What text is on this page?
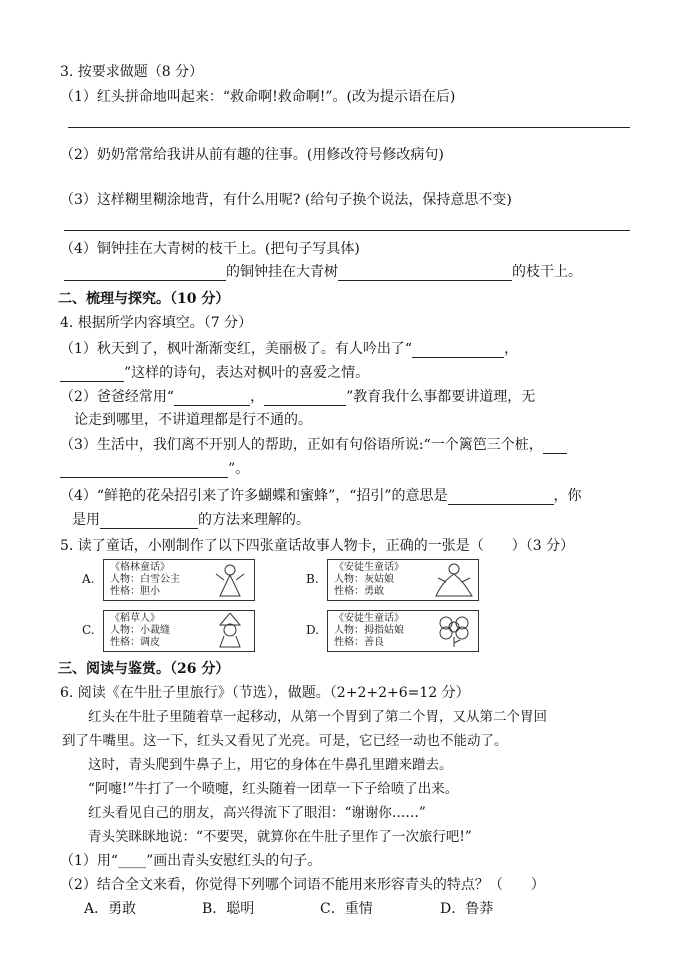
3. 按要求做题（8 分）
（1）红头拼命地叫起来：“救命啊!救命啊!”。(改为提示语在后)
（2）奶奶常常给我讲从前有趣的往事。(用修改符号修改病句)
（3）这样糊里糊涂地背，有什么用呢? (给句子换个说法，保持意思不变)
（4）铜钟挂在大青树的枝干上。(把句子写具体)
的铜钟挂在大青树	的枝干上。
二、梳理与探究。（10 分）
4. 根据所学内容填空。（7 分）
（1）秋天到了，枫叶渐渐变红，美丽极了。有人吟出了“	，
”这样的诗句，表达对枫叶的喜爱之情。
（2）爸爸经常用“	，	”教育我什么事都要讲道理，无
论走到哪里，不讲道理都是行不通的。
（3）生活中，我们离不开别人的帮助，正如有句俗语所说:“一个篱笆三个桩，
”。
（4）“鲜艳的花朵招引来了许多蝴蝶和蜜蜂”，“招引”的意思是	，你
是用	的方法来理解的。
5. 读了童话，小刚制作了以下四张童话故事人物卡，正确的一张是（　　）（3 分）
A.
《格林童话》
人物：白雪公主
性格：胆小
B.
《安徒生童话》
人物：灰姑娘
性格：勇敢
C.
《稻草人》
人物：小裁缝
性格：调皮
D.
《安徒生童话》
人物：拇指姑娘
性格：善良
三、阅读与鉴赏。（26 分）
6. 阅读《在牛肚子里旅行》（节选），做题。（2+2+2+6=12 分）
红头在牛肚子里随着草一起移动，从第一个胃到了第二个胃，又从第二个胃回
到了牛嘴里。这一下，红头又看见了光亮。可是，它已经一动也不能动了。
这时，青头爬到牛鼻子上，用它的身体在牛鼻孔里蹭来蹭去。
“阿嚏!”牛打了一个喷嚏，红头随着一团草一下子给喷了出来。
红头看见自己的朋友，高兴得流下了眼泪：“谢谢你……”
青头笑眯眯地说：“不要哭，就算你在牛肚子里作了一次旅行吧!”
（1）用“____”画出青头安慰红头的句子。
（2）结合全文来看，你觉得下列哪个词语不能用来形容青头的特点？（　　）
A．勇敢	B．聪明	C．重情	D．鲁莽
